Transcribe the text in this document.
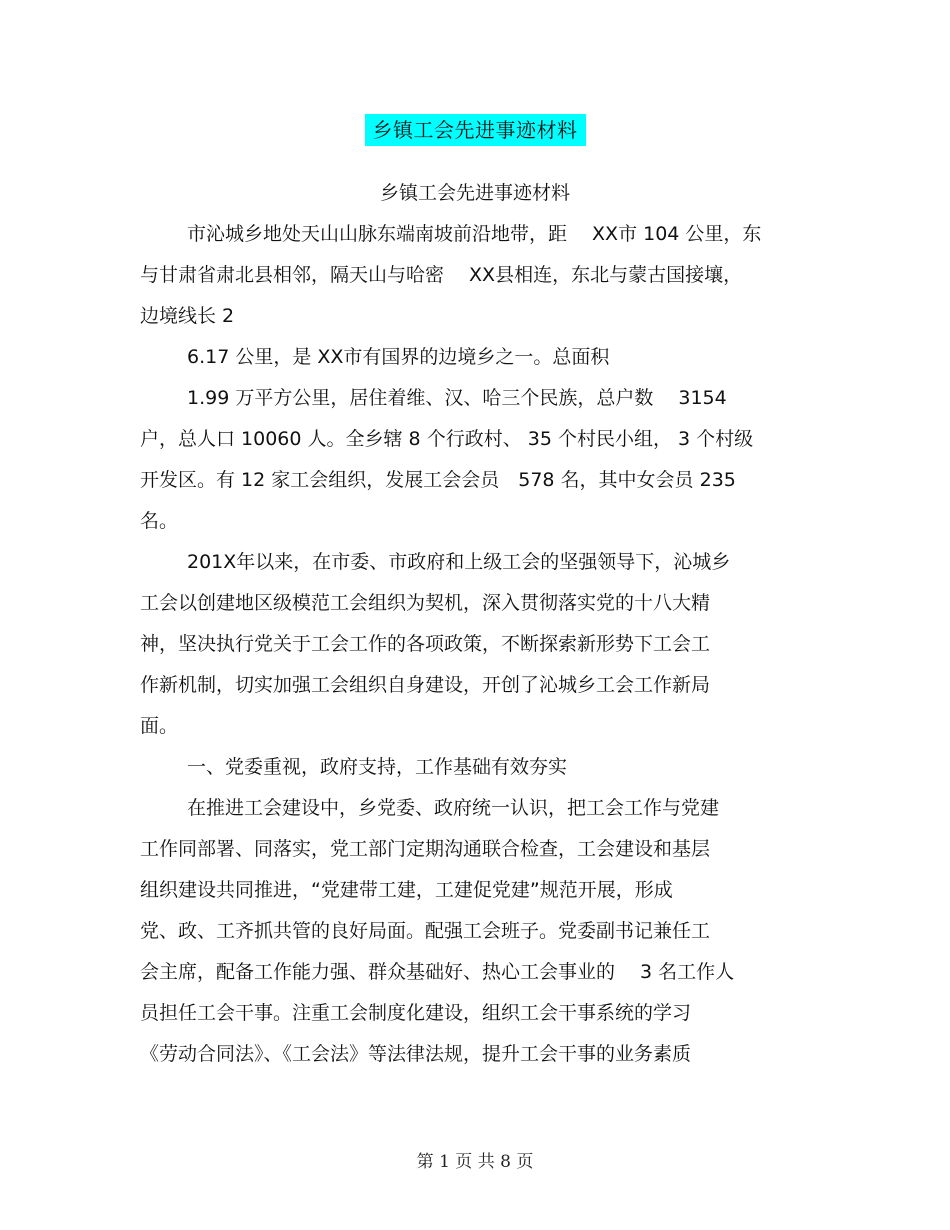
乡镇工会先进事迹材料
乡镇工会先进事迹材料
市沁城乡地处天山山脉东端南坡前沿地带，距　 XX市 104 公里，东
与甘肃省肃北县相邻，隔天山与哈密　 XX县相连，东北与蒙古国接壤，
边境线长 2
6.17 公里，是 XX市有国界的边境乡之一。总面积
1.99 万平方公里，居住着维、汉、哈三个民族，总户数　 3154
户，总人口 10060 人。全乡辖 8 个行政村、 35 个村民小组， 3 个村级
开发区。有 12 家工会组织，发展工会会员　578 名，其中女会员 235
名。
201X年以来，在市委、市政府和上级工会的坚强领导下，沁城乡
工会以创建地区级模范工会组织为契机，深入贯彻落实党的十八大精
神，坚决执行党关于工会工作的各项政策，不断探索新形势下工会工
作新机制，切实加强工会组织自身建设，开创了沁城乡工会工作新局
面。
一、党委重视，政府支持，工作基础有效夯实
在推进工会建设中，乡党委、政府统一认识，把工会工作与党建
工作同部署、同落实，党工部门定期沟通联合检查，工会建设和基层
组织建设共同推进，“党建带工建，工建促党建”规范开展，形成
党、政、工齐抓共管的良好局面。配强工会班子。党委副书记兼任工
会主席，配备工作能力强、群众基础好、热心工会事业的　 3 名工作人
员担任工会干事。注重工会制度化建设，组织工会干事系统的学习
《劳动合同法》、《工会法》等法律法规，提升工会干事的业务素质
第 1 页 共 8 页
